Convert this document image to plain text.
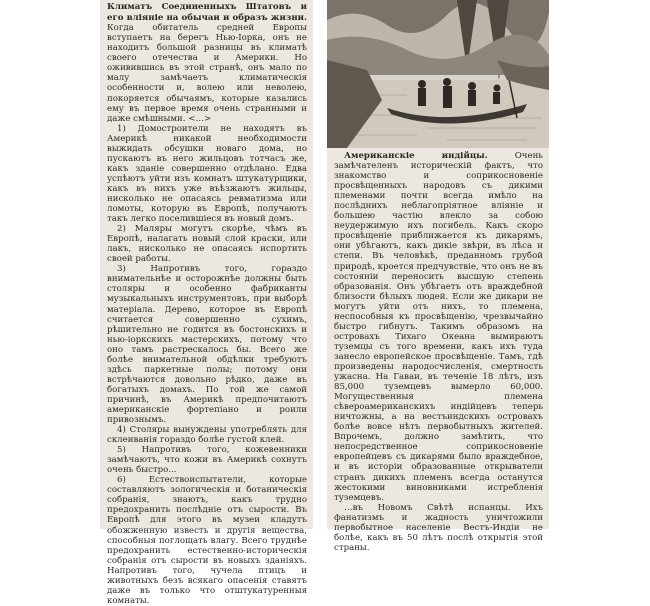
Климатъ Соединенныхъ Штатовъ и его вліяніе на обычаи и образъ жизни. Когда обитатель средней Европы вступаетъ на берегъ Нью-Іорка, онъ не находитъ большой разницы въ климатѣ своего отечества и Америки. Но оживившись въ этой странѣ, онъ мало по малу замѣчаетъ климатическія особенности и, волею или неволею, покоряется обычаямъ, которые казались ему въ первое время очень странными и даже смѣшными. <…>

1) Домостроители не находятъ въ Америкѣ никакой необходимости выжидать обсушки новаго дома, но пускаютъ въ него жильцовъ тотчасъ же, какъ зданіе совершенно отдѣлано. Едва успѣютъ уйти изъ комнатъ штукатурщики, какъ въ нихъ уже въѣзжаютъ жильцы, нисколько не опасаясь ревматизма или ломоты, которую въ Европѣ, получаютъ такъ легко поселившіеся въ новый домъ.

2) Маляры могутъ скорѣе, чѣмъ въ Европѣ, налагать новый слой краски, или лакъ, нисколько не опасаясь испортить своей работы.

3) Напротивъ того, гораздо внимательнѣе и осторожнѣе должны быть столяры и особенно фабриканты музыкальныхъ инструментовъ, при выборѣ матеріала. Дерево, которое въ Европѣ считается совершенно сухимъ, рѣшительно не годится въ бостонскихъ и нью-іоркскихъ мастерскихъ, потому что оно тамъ растрескалось бы. Всего же болѣе внимательной обдѣлки требуютъ здѣсь паркетные полы; потому они встрѣчаются довольно рѣдко, даже въ богатыхъ домахъ. По той же самой причинѣ, въ Америкѣ предпочитаютъ американскіе фортепіано и роили привознымъ.

4) Столяры вынуждены употреблять для склеиванія гораздо болѣе густой клей.

5) Напротивъ того, кожевенники замѣчаютъ, что кожи въ Америкѣ сохнутъ очень быстро...

6) Естествоиспытатели, которые составляютъ зологическія и ботаническія собранія, знаютъ, какъ трудно предохранить послѣдніе отъ сырости. Въ Европѣ для этого въ музеи кладутъ обожженную известь и другія вещества, способныя поглощать влагу. Всего труднѣе предохранить естественно-историческія собранія отъ сырости въ новыхъ зданіяхъ. Напротивъ того, чучела птицъ и животныхъ безъ всякаго опасенія ставятъ даже въ только что отштукатуренныя комнаты.

Американскіе индійцы.	Очень замѣчателенъ историческій фактъ, что знакомство и соприкосновеніе просвѣщенныхъ народовъ съ дикими племенами почти всегда имѣло на послѣднихъ неблагопріятное вліяніе и большею частію влекло за собою неудержимую ихъ погибель. Какъ скоро просвѣщеніе приближается къ дикарямъ, они убѣгаютъ, какъ дикіе звѣри, въ лѣса и степи. Въ человѣкѣ, преданномъ грубой природѣ, кроется предчувствіе, что онъ не въ состояніи переносить высшую степень образованія. Онъ убѣгаетъ отъ враждебной близости бѣлыхъ людей. Если же дикари не могутъ уйти отъ нихъ, то племена, неспособныя къ просвѣщенію, чрезвычайно быстро гибнутъ. Такимъ образомъ на островахъ Тихаго Океана вымираютъ туземцы съ того времени, какъ ихъ туда занесло европейское просвѣщеніе. Тамъ, гдѣ произведены народосчисленія, смертность ужасна. На Гаваи, въ теченіе 18 лѣтъ, изъ 85,000 туземцевъ вымерло 60,000. Могущественныя племена сѣвероамериканскихъ индійцевъ теперь ничтожны, а на вестъиндскихъ островахъ болѣе вовсе нѣтъ первобытныхъ жителей. Впрочемъ, должно замѣтить, что непосредственное соприкосновеніе европейцевъ съ дикарями было враждебное, и въ исторіи образованные открыватели странъ дикихъ племенъ всегда останутся жестокими виновниками истребленія туземцевъ.

…въ Новомъ Свѣтѣ испанцы. Ихъ фанатизмъ и жадность уничтожили первобытное населеніе Вестъ-Индіи не болѣе, какъ въ 50 лѣтъ послѣ открытія этой страны.
